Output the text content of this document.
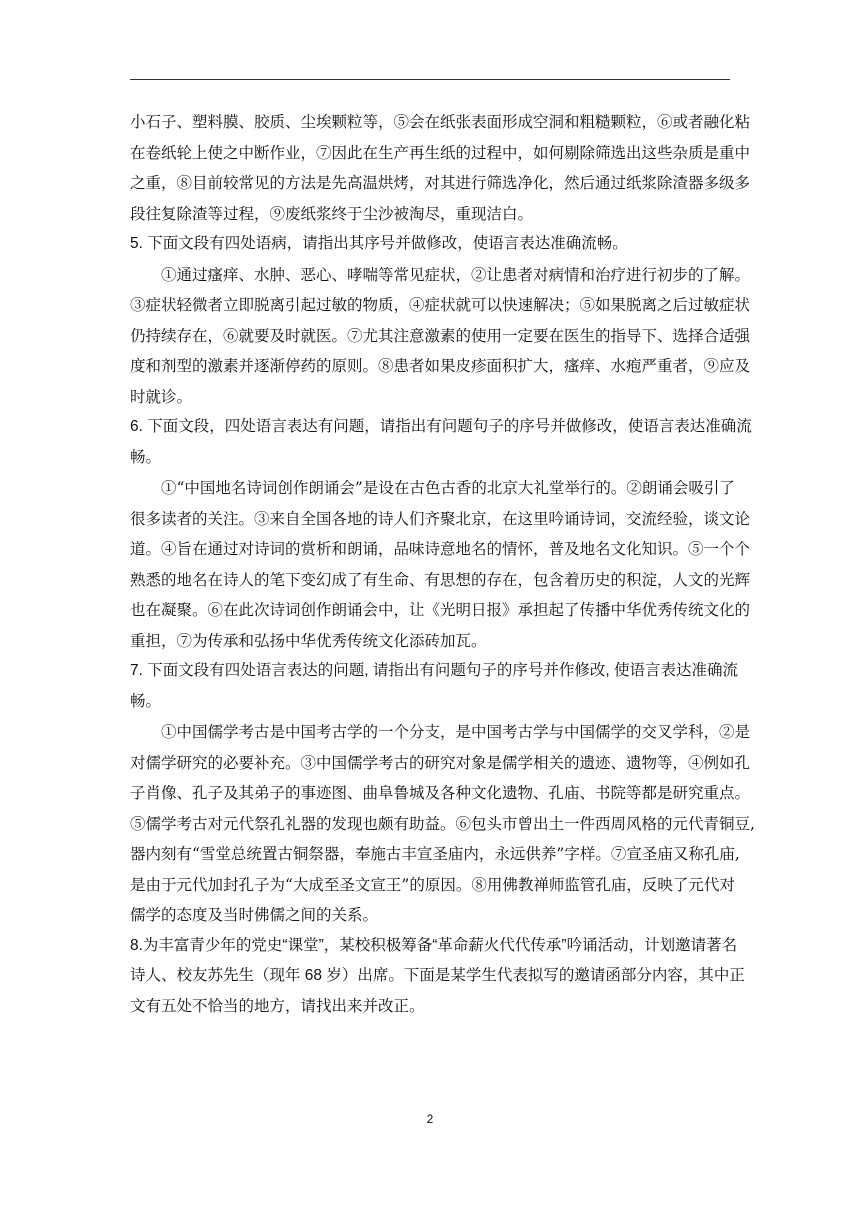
小石子、塑料膜、胶质、尘埃颗粒等，⑤会在纸张表面形成空洞和粗糙颗粒，⑥或者融化粘
在卷纸轮上使之中断作业，⑦因此在生产再生纸的过程中，如何剔除筛选出这些杂质是重中
之重，⑧目前较常见的方法是先高温烘烤，对其进行筛选净化，然后通过纸浆除渣器多级多
段往复除渣等过程，⑨废纸浆终于尘沙被淘尽，重现洁白。
5. 下面文段有四处语病，请指出其序号并做修改，使语言表达准确流畅。
①通过瘙痒、水肿、恶心、哮喘等常见症状，②让患者对病情和治疗进行初步的了解。
③症状轻微者立即脱离引起过敏的物质，④症状就可以快速解决；⑤如果脱离之后过敏症状
仍持续存在，⑥就要及时就医。⑦尤其注意激素的使用一定要在医生的指导下、选择合适强
度和剂型的激素并逐渐停药的原则。⑧患者如果皮疹面积扩大，瘙痒、水疱严重者，⑨应及
时就诊。
6. 下面文段，四处语言表达有问题，请指出有问题句子的序号并做修改，使语言表达准确流
畅。
①“中国地名诗词创作朗诵会”是设在古色古香的北京大礼堂举行的。②朗诵会吸引了
很多读者的关注。③来自全国各地的诗人们齐聚北京，在这里吟诵诗词，交流经验，谈文论
道。④旨在通过对诗词的赏析和朗诵，品味诗意地名的情怀，普及地名文化知识。⑤一个个
熟悉的地名在诗人的笔下变幻成了有生命、有思想的存在，包含着历史的积淀，人文的光辉
也在凝聚。⑥在此次诗词创作朗诵会中，让《光明日报》承担起了传播中华优秀传统文化的
重担，⑦为传承和弘扬中华优秀传统文化添砖加瓦。
7. 下面文段有四处语言表达的问题, 请指出有问题句子的序号并作修改, 使语言表达准确流
畅。
①中国儒学考古是中国考古学的一个分支，是中国考古学与中国儒学的交叉学科，②是
对儒学研究的必要补充。③中国儒学考古的研究对象是儒学相关的遗迹、遗物等，④例如孔
子肖像、孔子及其弟子的事迹图、曲阜鲁城及各种文化遗物、孔庙、书院等都是研究重点。
⑤儒学考古对元代祭孔礼器的发现也颇有助益。⑥包头市曾出土一件西周风格的元代青铜豆,
器内刻有“雪堂总统置古铜祭器，奉施古丰宣圣庙内，永远供养”字样。⑦宣圣庙又称孔庙,
是由于元代加封孔子为“大成至圣文宣王”的原因。⑧用佛教禅师监管孔庙，反映了元代对
儒学的态度及当时佛儒之间的关系。
8.为丰富青少年的党史“课堂”，某校积极筹备“革命薪火代代传承”吟诵活动，计划邀请著名
诗人、校友苏先生（现年 68 岁）出席。下面是某学生代表拟写的邀请函部分内容，其中正
文有五处不恰当的地方，请找出来并改正。
2
